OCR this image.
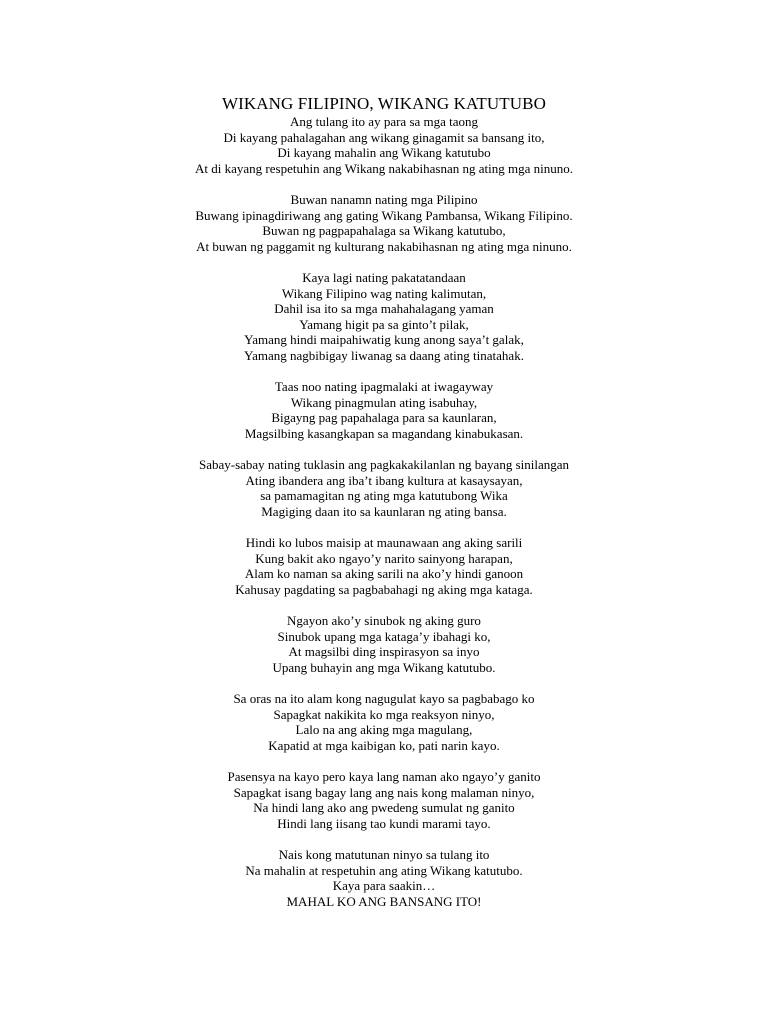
WIKANG FILIPINO, WIKANG KATUTUBO
Ang tulang ito ay para sa mga taong
Di kayang pahalagahan ang wikang ginagamit sa bansang ito,
Di kayang mahalin ang Wikang katutubo
At di kayang respetuhin ang Wikang nakabihasnan ng ating mga ninuno.
Buwan nanamn nating mga Pilipino
Buwang ipinagdiriwang ang gating Wikang Pambansa, Wikang Filipino.
Buwan ng pagpapahalaga sa Wikang katutubo,
At buwan ng paggamit ng kulturang nakabihasnan ng ating mga ninuno.
Kaya lagi nating pakatatandaan
Wikang Filipino wag nating kalimutan,
Dahil isa ito sa mga mahahalagang yaman
Yamang higit pa sa ginto’t pilak,
Yamang hindi maipahiwatig kung anong saya’t galak,
Yamang nagbibigay liwanag sa daang ating tinatahak.
Taas noo nating ipagmalaki at iwagayway
Wikang pinagmulan ating isabuhay,
Bigayng pag papahalaga para sa kaunlaran,
Magsilbing kasangkapan sa magandang kinabukasan.
Sabay-sabay nating tuklasin ang pagkakakilanlan ng bayang sinilangan
Ating ibandera ang iba’t ibang kultura at kasaysayan,
sa pamamagitan ng ating mga katutubong Wika
Magiging daan ito sa kaunlaran ng ating bansa.
Hindi ko lubos maisip at maunawaan ang aking sarili
Kung bakit ako ngayo’y narito sainyong harapan,
Alam ko naman sa aking sarili na ako’y hindi ganoon
Kahusay pagdating sa pagbabahagi ng aking mga kataga.
Ngayon ako’y sinubok ng aking guro
Sinubok upang mga kataga’y ibahagi ko,
At magsilbi ding inspirasyon sa inyo
Upang buhayin ang mga Wikang katutubo.
Sa oras na ito alam kong nagugulat kayo sa pagbabago ko
Sapagkat nakikita ko mga reaksyon ninyo,
Lalo na ang aking mga magulang,
Kapatid at mga kaibigan ko, pati narin kayo.
Pasensya na kayo pero kaya lang naman ako ngayo’y ganito
Sapagkat isang bagay lang ang nais kong malaman ninyo,
Na hindi lang ako ang pwedeng sumulat ng ganito
Hindi lang iisang tao kundi marami tayo.
Nais kong matutunan ninyo sa tulang ito
Na mahalin at respetuhin ang ating Wikang katutubo.
Kaya para saakin…
MAHAL KO ANG BANSANG ITO!
